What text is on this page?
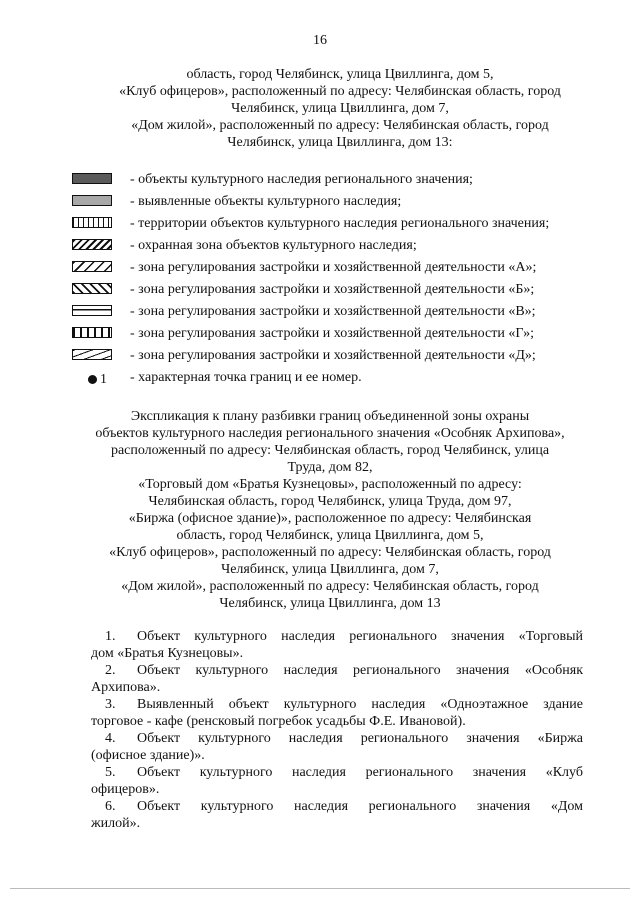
16
область, город Челябинск, улица Цвиллинга, дом 5,
«Клуб офицеров», расположенный по адресу: Челябинская область, город
Челябинск, улица Цвиллинга, дом 7,
«Дом жилой», расположенный по адресу: Челябинская область, город
Челябинск, улица Цвиллинга, дом 13:
- объекты культурного наследия регионального значения;
- выявленные объекты культурного наследия;
- территории объектов культурного наследия регионального значения;
- охранная зона объектов культурного наследия;
- зона регулирования застройки и хозяйственной деятельности «А»;
- зона регулирования застройки и хозяйственной деятельности «Б»;
- зона регулирования застройки и хозяйственной деятельности «В»;
- зона регулирования застройки и хозяйственной деятельности «Г»;
- зона регулирования застройки и хозяйственной деятельности «Д»;
1 - характерная точка границ и ее номер.
Экспликация к плану разбивки границ объединенной зоны охраны
объектов культурного наследия регионального значения «Особняк Архипова»,
расположенный по адресу: Челябинская область, город Челябинск, улица
Труда, дом 82,
«Торговый дом «Братья Кузнецовы», расположенный по адресу:
Челябинская область, город Челябинск, улица Труда, дом 97,
«Биржа (офисное здание)», расположенное по адресу: Челябинская
область, город Челябинск, улица Цвиллинга, дом 5,
«Клуб офицеров», расположенный по адресу: Челябинская область, город
Челябинск, улица Цвиллинга, дом 7,
«Дом жилой», расположенный по адресу: Челябинская область, город
Челябинск, улица Цвиллинга, дом 13
1. Объект культурного наследия регионального значения «Торговый
дом «Братья Кузнецовы».
2. Объект культурного наследия регионального значения «Особняк
Архипова».
3. Выявленный объект культурного наследия «Одноэтажное здание
торговое - кафе (ренсковый погребок усадьбы Ф.Е. Ивановой).
4. Объект культурного наследия регионального значения «Биржа
(офисное здание)».
5. Объект культурного наследия регионального значения «Клуб
офицеров».
6. Объект культурного наследия регионального значения «Дом
жилой».
